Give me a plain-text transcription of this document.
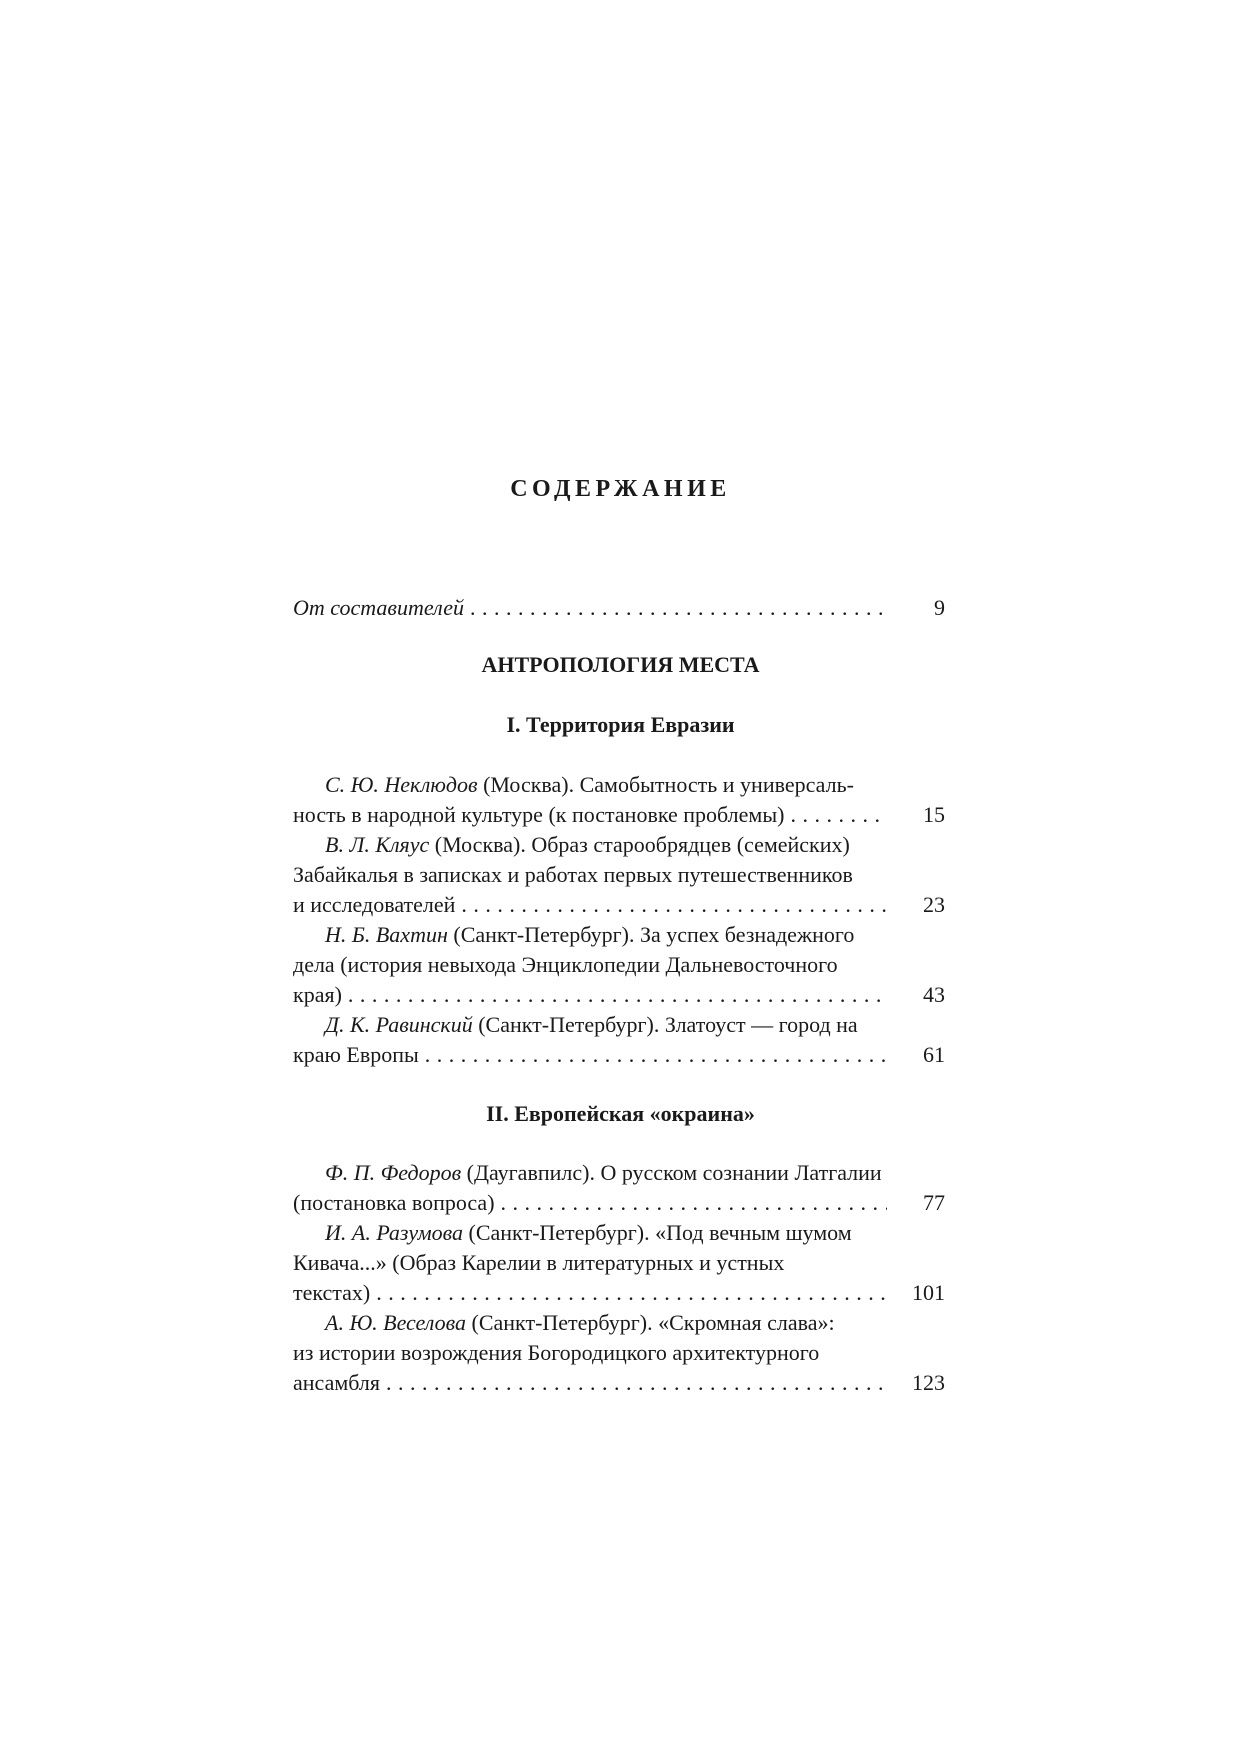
СОДЕРЖАНИЕ
От составителей . . .	9
АНТРОПОЛОГИЯ МЕСТА
I. Территория Евразии
С. Ю. Неклюдов (Москва). Самобытность и универсаль-
ность в народной культуре (к постановке проблемы) . . .	15
В. Л. Кляус (Москва). Образ старообрядцев (семейских)
Забайкалья в записках и работах первых путешественников
и исследователей . . .	23
Н. Б. Вахтин (Санкт-Петербург). За успех безнадежного
дела (история невыхода Энциклопедии Дальневосточного
края) . . .	43
Д. К. Равинский (Санкт-Петербург). Златоуст — город на
краю Европы . . .	61
II. Европейская «окраина»
Ф. П. Федоров (Даугавпилс). О русском сознании Латгалии
(постановка вопроса) . . .	77
И. А. Разумова (Санкт-Петербург). «Под вечным шумом
Кивача...» (Образ Карелии в литературных и устных
текстах) . . .	101
А. Ю. Веселова (Санкт-Петербург). «Скромная слава»:
из истории возрождения Богородицкого архитектурного
ансамбля . . .	123
